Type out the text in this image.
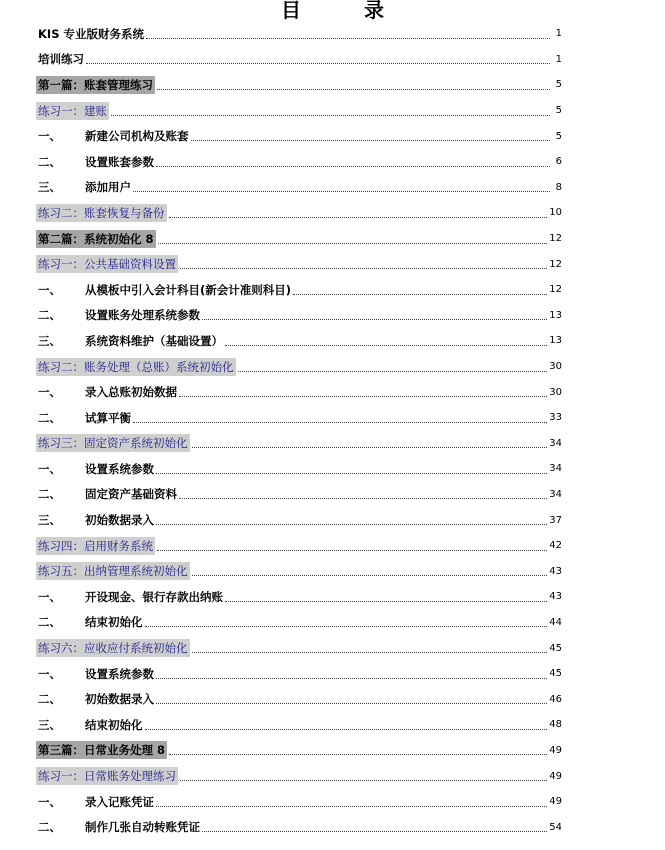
目 录
KIS 专业版财务系统	1
培训练习	1
第一篇：账套管理练习	5
练习一：建账	5
一、	新建公司机构及账套	5
二、	设置账套参数	6
三、	添加用户	8
练习二：账套恢复与备份	10
第二篇：系统初始化 8	12
练习一：公共基础资料设置	12
一、	从模板中引入会计科目(新会计准则科目)	12
二、	设置账务处理系统参数	13
三、	系统资料维护（基础设置）	13
练习二：账务处理（总账）系统初始化	30
一、	录入总账初始数据	30
二、	试算平衡	33
练习三：固定资产系统初始化	34
一、	设置系统参数	34
二、	固定资产基础资料	34
三、	初始数据录入	37
练习四：启用财务系统	42
练习五：出纳管理系统初始化	43
一、	开设现金、银行存款出纳账	43
二、	结束初始化	44
练习六：应收应付系统初始化	45
一、	设置系统参数	45
二、	初始数据录入	46
三、	结束初始化	48
第三篇：日常业务处理 8	49
练习一：日常账务处理练习	49
一、	录入记账凭证	49
二、	制作几张自动转账凭证	54
